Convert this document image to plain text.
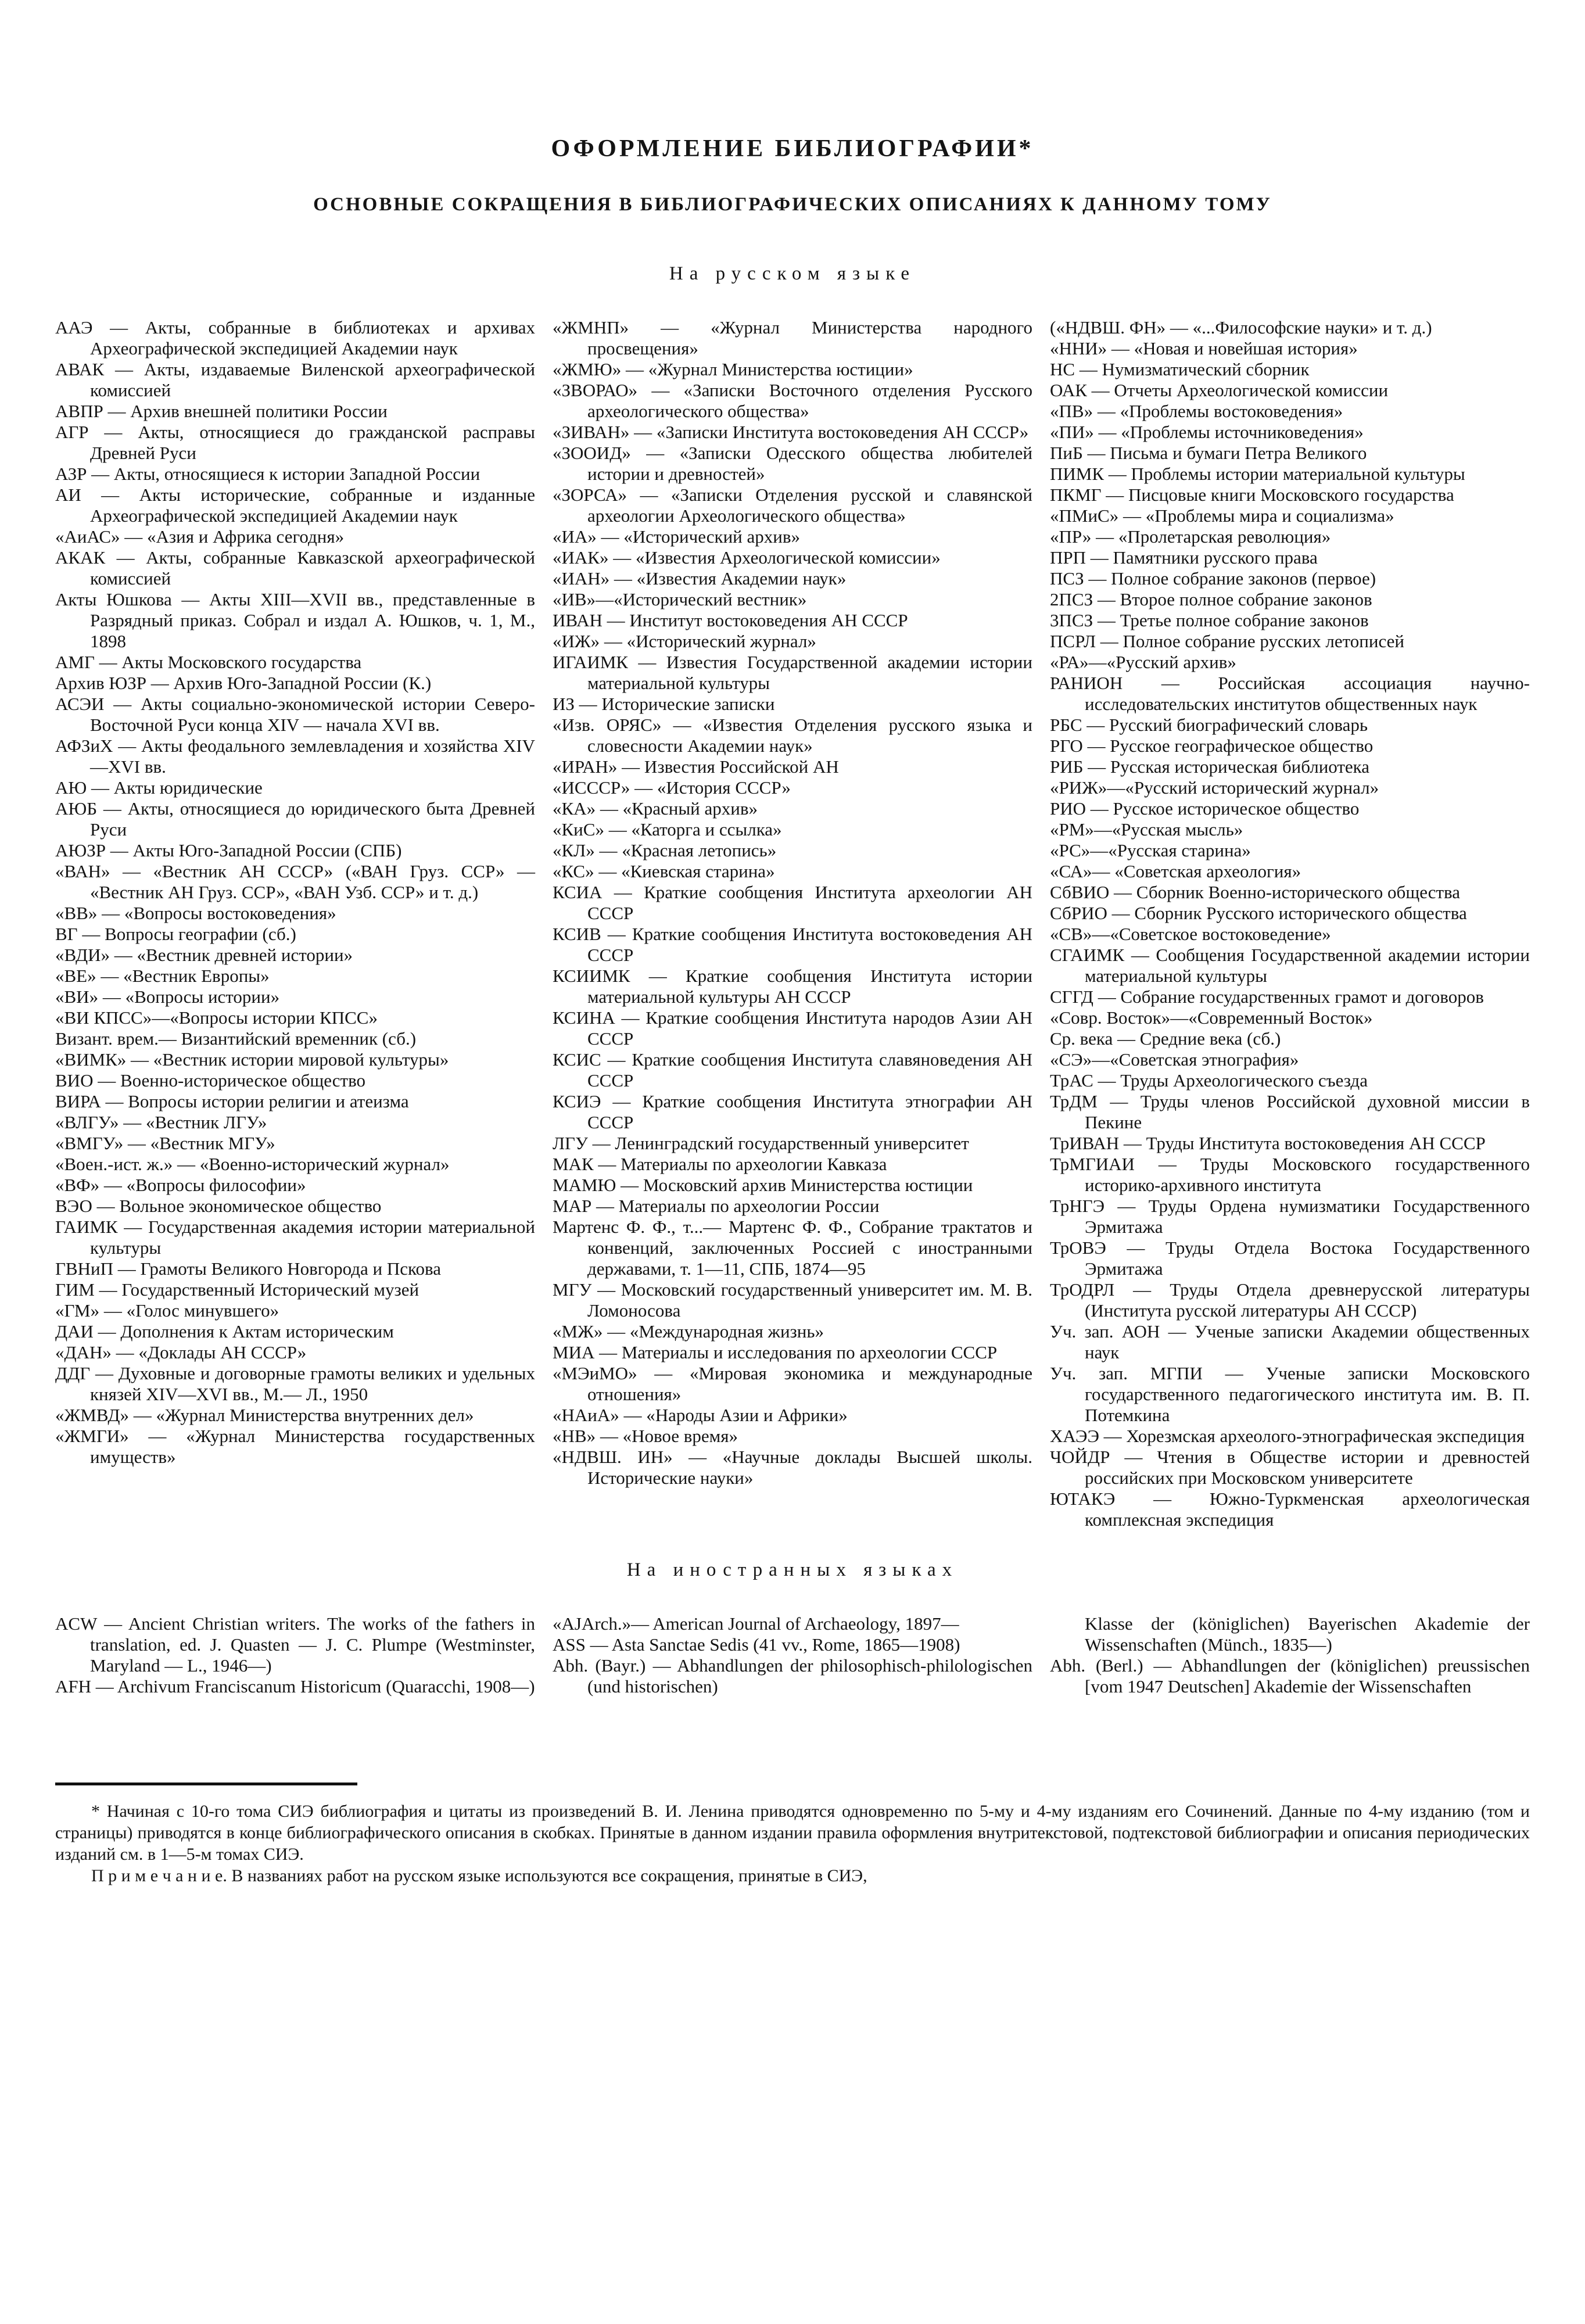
ОФОРМЛЕНИЕ БИБЛИОГРАФИИ*
ОСНОВНЫЕ СОКРАЩЕНИЯ В БИБЛИОГРАФИЧЕСКИХ ОПИСАНИЯХ К ДАННОМУ ТОМУ
На русском языке

ААЭ — Акты, собранные в библиотеках и архивах Археографической экспедицией Академии наук

АВАК — Акты, издаваемые Виленской археографической комиссией

АВПР — Архив внешней политики России

АГР — Акты, относящиеся до гражданской расправы Древней Руси

АЗР — Акты, относящиеся к истории Западной России

АИ — Акты исторические, собранные и изданные Археографической экспедицией Академии наук

«АиАС» — «Азия и Африка сегодня»

АКАК — Акты, собранные Кавказской археографической комиссией

Акты Юшкова — Акты XIII—XVII вв., представленные в Разрядный приказ. Собрал и издал А. Юшков, ч. 1, М., 1898

АМГ — Акты Московского государства

Архив ЮЗР — Архив Юго-Западной России (К.)

АСЭИ — Акты социально-экономической истории Северо-Восточной Руси конца XIV — начала XVI вв.

АФЗиХ — Акты феодального землевладения и хозяйства XIV—XVI вв.

АЮ — Акты юридические

АЮБ — Акты, относящиеся до юридического быта Древней Руси

АЮЗР — Акты Юго-Западной России (СПБ)

«ВАН» — «Вестник АН СССР» («ВАН Груз. ССР» — «Вестник АН Груз. ССР», «ВАН Узб. ССР» и т. д.)

«ВВ» — «Вопросы востоковедения»

ВГ — Вопросы географии (сб.)

«ВДИ» — «Вестник древней истории»

«ВЕ» — «Вестник Европы»

«ВИ» — «Вопросы истории»

«ВИ КПСС»—«Вопросы истории КПСС»

Визант. врем.— Византийский временник (сб.)

«ВИМК» — «Вестник истории мировой культуры»

ВИО — Военно-историческое общество

ВИРА — Вопросы истории религии и атеизма

«ВЛГУ» — «Вестник ЛГУ»

«ВМГУ» — «Вестник МГУ»

«Воен.-ист. ж.» — «Военно-исторический журнал»

«ВФ» — «Вопросы философии»

ВЭО — Вольное экономическое общество

ГАИМК — Государственная академия истории материальной культуры

ГВНиП — Грамоты Великого Новгорода и Пскова

ГИМ — Государственный Исторический музей

«ГМ» — «Голос минувшего»

ДАИ — Дополнения к Актам историческим

«ДАН» — «Доклады АН СССР»

ДДГ — Духовные и договорные грамоты великих и удельных князей XIV—XVI вв., М.— Л., 1950

«ЖМВД» — «Журнал Министерства внутренних дел»

«ЖМГИ» — «Журнал Министерства государственных имуществ»

«ЖМНП» — «Журнал Министерства народного просвещения»

«ЖМЮ» — «Журнал Министерства юстиции»

«ЗВОРАО» — «Записки Восточного отделения Русского археологического общества»

«ЗИВАН» — «Записки Института востоковедения АН СССР»

«ЗООИД» — «Записки Одесского общества любителей истории и древностей»

«ЗОРСА» — «Записки Отделения русской и славянской археологии Археологического общества»

«ИА» — «Исторический архив»

«ИАК» — «Известия Археологической комиссии»

«ИАН» — «Известия Академии наук»

«ИВ»—«Исторический вестник»

ИВАН — Институт востоковедения АН СССР

«ИЖ» — «Исторический журнал»

ИГАИМК — Известия Государственной академии истории материальной культуры

ИЗ — Исторические записки

«Изв. ОРЯС» — «Известия Отделения русского языка и словесности Академии наук»

«ИРАН» — Известия Российской АН

«ИСССР» — «История СССР»

«КА» — «Красный архив»

«КиС» — «Каторга и ссылка»

«КЛ» — «Красная летопись»

«КС» — «Киевская старина»

КСИА — Краткие сообщения Института археологии АН СССР

КСИВ — Краткие сообщения Института востоковедения АН СССР

КСИИМК — Краткие сообщения Института истории материальной культуры АН СССР

КСИНА — Краткие сообщения Института народов Азии АН СССР

КСИС — Краткие сообщения Института славяноведения АН СССР

КСИЭ — Краткие сообщения Института этнографии АН СССР

ЛГУ — Ленинградский государственный университет

МАК — Материалы по археологии Кавказа

МАМЮ — Московский архив Министерства юстиции

МАР — Материалы по археологии России

Мартенс Ф. Ф., т...— Мартенс Ф. Ф., Собрание трактатов и конвенций, заключенных Россией с иностранными державами, т. 1—11, СПБ, 1874—95

МГУ — Московский государственный университет им. М. В. Ломоносова

«МЖ» — «Международная жизнь»

МИА — Материалы и исследования по археологии СССР

«МЭиМО» — «Мировая экономика и международные отношения»

«НАиА» — «Народы Азии и Африки»

«НВ» — «Новое время»

«НДВШ. ИН» — «Научные доклады Высшей школы. Исторические науки»

(«НДВШ. ФН» — «...Философские науки» и т. д.)

«ННИ» — «Новая и новейшая история»

НС — Нумизматический сборник

ОАК — Отчеты Археологической комиссии

«ПВ» — «Проблемы востоковедения»

«ПИ» — «Проблемы источниковедения»

ПиБ — Письма и бумаги Петра Великого

ПИМК — Проблемы истории материальной культуры

ПКМГ — Писцовые книги Московского государства

«ПМиС» — «Проблемы мира и социализма»

«ПР» — «Пролетарская революция»

ПРП — Памятники русского права

ПСЗ — Полное собрание законов (первое)

2ПСЗ — Второе полное собрание законов

3ПСЗ — Третье полное собрание законов

ПСРЛ — Полное собрание русских летописей

«РА»—«Русский архив»

РАНИОН — Российская ассоциация научно-исследовательских институтов общественных наук

РБС — Русский биографический словарь

РГО — Русское географическое общество

РИБ — Русская историческая библиотека

«РИЖ»—«Русский исторический журнал»

РИО — Русское историческое общество

«РМ»—«Русская мысль»

«РС»—«Русская старина»

«СА»— «Советская археология»

СбВИО — Сборник Военно-исторического общества

СбРИО — Сборник Русского исторического общества

«СВ»—«Советское востоковедение»

СГАИМК — Сообщения Государственной академии истории материальной культуры

СГГД — Собрание государственных грамот и договоров

«Совр. Восток»—«Современный Восток»

Ср. века — Средние века (сб.)

«СЭ»—«Советская этнография»

ТрАС — Труды Археологического съезда

ТрДМ — Труды членов Российской духовной миссии в Пекине

ТрИВАН — Труды Института востоковедения АН СССР

ТрМГИАИ — Труды Московского государственного историко-архивного института

ТрНГЭ — Труды Ордена нумизматики Государственного Эрмитажа

ТрОВЭ — Труды Отдела Востока Государственного Эрмитажа

ТрОДРЛ — Труды Отдела древнерусской литературы (Института русской литературы АН СССР)

Уч. зап. АОН — Ученые записки Академии общественных наук

Уч. зап. МГПИ — Ученые записки Московского государственного педагогического института им. В. П. Потемкина

ХАЭЭ — Хорезмская археолого-этнографическая экспедиция

ЧОЙДР — Чтения в Обществе истории и древностей российских при Московском университете

ЮТАКЭ — Южно-Туркменская археологическая комплексная экспедиция

На иностранных языках

ACW — Ancient Christian writers. The works of the fathers in translation, ed. J. Quasten — J. C. Plumpe (Westminster, Maryland — L., 1946—)

AFH — Archivum Franciscanum Historicum (Quaracchi, 1908—)

«AJArch.»— American Journal of Archaeology, 1897—

ASS — Asta Sanctae Sedis (41 vv., Rome, 1865—1908)

Abh. (Bayr.) — Abhandlungen der philosophisch-philologischen (und historischen)

Klasse der (königlichen) Bayerischen Akademie der Wissenschaften (Münch., 1835—)

Abh. (Berl.) — Abhandlungen der (königlichen) preussischen [vom 1947 Deutschen] Akademie der Wissenschaften

* Начиная с 10-го тома СИЭ библиография и цитаты из произведений В. И. Ленина приводятся одновременно по 5-му и 4-му изданиям его Сочинений. Данные по 4-му изданию (том и страницы) приводятся в конце библиографического описания в скобках. Принятые в данном издании правила оформления внутритекстовой, подтекстовой библиографии и описания периодических изданий см. в 1—5-м томах СИЭ.

П р и м е ч а н и е. В названиях работ на русском языке используются все сокращения, принятые в СИЭ,
